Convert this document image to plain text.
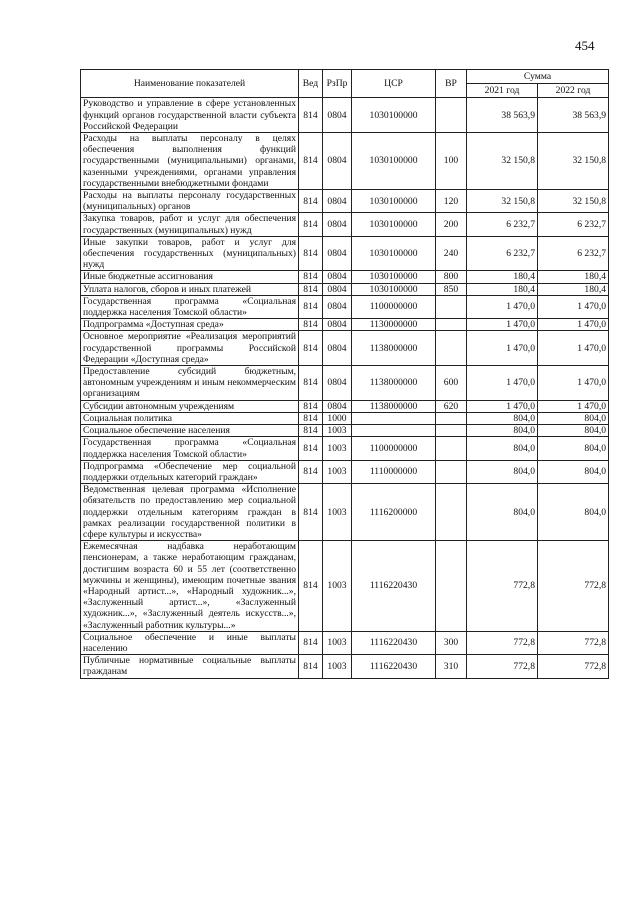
454
Наименование показателей	Вед	РзПр	ЦСР	ВР	Сумма	
					2021 год	2022 год
Руководство и управление в сфере установленных функций органов государственной власти субъекта Российской Федерации	814	0804	1030100000		38 563,9	38 563,9
Расходы на выплаты персоналу в целях обеспечения выполнения функций государственными (муниципальными) органами, казенными учреждениями, органами управления государственными внебюджетными фондами	814	0804	1030100000	100	32 150,8	32 150,8
Расходы на выплаты персоналу государственных (муниципальных) органов	814	0804	1030100000	120	32 150,8	32 150,8
Закупка товаров, работ и услуг для обеспечения государственных (муниципальных) нужд	814	0804	1030100000	200	6 232,7	6 232,7
Иные закупки товаров, работ и услуг для обеспечения государственных (муниципальных) нужд	814	0804	1030100000	240	6 232,7	6 232,7
Иные бюджетные ассигнования	814	0804	1030100000	800	180,4	180,4
Уплата налогов, сборов и иных платежей	814	0804	1030100000	850	180,4	180,4
Государственная программа «Социальная поддержка населения Томской области»	814	0804	1100000000		1 470,0	1 470,0
Подпрограмма «Доступная среда»	814	0804	1130000000		1 470,0	1 470,0
Основное мероприятие «Реализация мероприятий государственной программы Российской Федерации «Доступная среда»	814	0804	1138000000		1 470,0	1 470,0
Предоставление субсидий бюджетным, автономным учреждениям и иным некоммерческим организациям	814	0804	1138000000	600	1 470,0	1 470,0
Субсидии автономным учреждениям	814	0804	1138000000	620	1 470,0	1 470,0
Социальная политика	814	1000			804,0	804,0
Социальное обеспечение населения	814	1003			804,0	804,0
Государственная программа «Социальная поддержка населения Томской области»	814	1003	1100000000		804,0	804,0
Подпрограмма «Обеспечение мер социальной поддержки отдельных категорий граждан»	814	1003	1110000000		804,0	804,0
Ведомственная целевая программа «Исполнение обязательств по предоставлению мер социальной поддержки отдельным категориям граждан в рамках реализации государственной политики в сфере культуры и искусства»	814	1003	1116200000		804,0	804,0
Ежемесячная надбавка неработающим пенсионерам, а также неработающим гражданам, достигшим возраста 60 и 55 лет (соответственно мужчины и женщины), имеющим почетные звания «Народный артист...», «Народный художник...», «Заслуженный артист...», «Заслуженный художник...», «Заслуженный деятель искусств...», «Заслуженный работник культуры...»	814	1003	1116220430		772,8	772,8
Социальное обеспечение и иные выплаты населению	814	1003	1116220430	300	772,8	772,8
Публичные нормативные социальные выплаты гражданам	814	1003	1116220430	310	772,8	772,8
